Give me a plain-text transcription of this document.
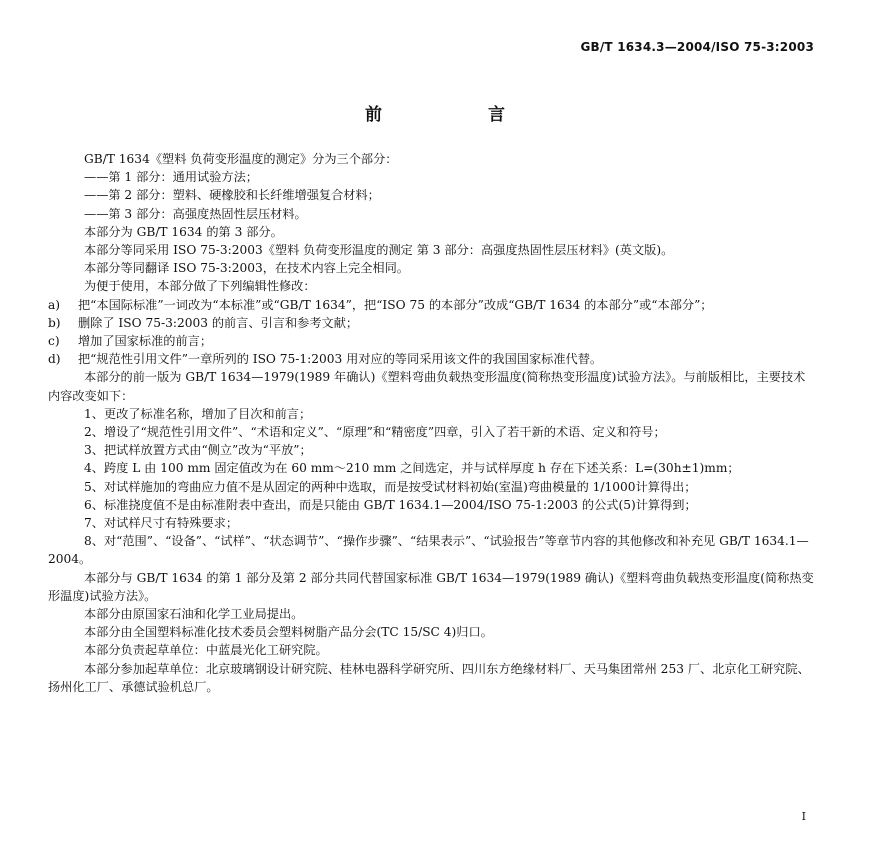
GB/T 1634.3—2004/ISO 75-3:2003
前 言

GB/T 1634《塑料 负荷变形温度的测定》分为三个部分：

——第 1 部分：通用试验方法；

——第 2 部分：塑料、硬橡胶和长纤维增强复合材料；

——第 3 部分：高强度热固性层压材料。

本部分为 GB/T 1634 的第 3 部分。

本部分等同采用 ISO 75-3:2003《塑料 负荷变形温度的测定 第 3 部分：高强度热固性层压材料》(英文版)。

本部分等同翻译 ISO 75-3:2003，在技术内容上完全相同。

为便于使用，本部分做了下列编辑性修改：

a)	把“本国际标准”一词改为“本标准”或“GB/T 1634”，把“ISO 75 的本部分”改成“GB/T 1634 的本部分”或“本部分”；
b)	删除了 ISO 75-3:2003 的前言、引言和参考文献；
c)	增加了国家标准的前言；
d)	把“规范性引用文件”一章所列的 ISO 75-1:2003 用对应的等同采用该文件的我国国家标准代替。

本部分的前一版为 GB/T 1634—1979(1989 年确认)《塑料弯曲负载热变形温度(简称热变形温度)试验方法》。与前版相比，主要技术内容改变如下：

1、更改了标准名称，增加了目次和前言；

2、增设了“规范性引用文件”、“术语和定义”、“原理”和“精密度”四章，引入了若干新的术语、定义和符号；

3、把试样放置方式由“侧立”改为“平放”；

4、跨度 L 由 100 mm 固定值改为在 60 mm～210 mm 之间选定，并与试样厚度 h 存在下述关系：L=(30h±1)mm；

5、对试样施加的弯曲应力值不是从固定的两种中选取，而是按受试材料初始(室温)弯曲模量的 1/1000计算得出；

6、标准挠度值不是由标准附表中查出，而是只能由 GB/T 1634.1—2004/ISO 75-1:2003 的公式(5)计算得到；

7、对试样尺寸有特殊要求；

8、对“范围”、“设备”、“试样”、“状态调节”、“操作步骤”、“结果表示”、“试验报告”等章节内容的其他修改和补充见 GB/T 1634.1—2004。

本部分与 GB/T 1634 的第 1 部分及第 2 部分共同代替国家标准 GB/T 1634—1979(1989 确认)《塑料弯曲负载热变形温度(简称热变形温度)试验方法》。

本部分由原国家石油和化学工业局提出。

本部分由全国塑料标准化技术委员会塑料树脂产品分会(TC 15/SC 4)归口。

本部分负责起草单位：中蓝晨光化工研究院。

本部分参加起草单位：北京玻璃钢设计研究院、桂林电器科学研究所、四川东方绝缘材料厂、天马集团常州 253 厂、北京化工研究院、扬州化工厂、承德试验机总厂。

I
